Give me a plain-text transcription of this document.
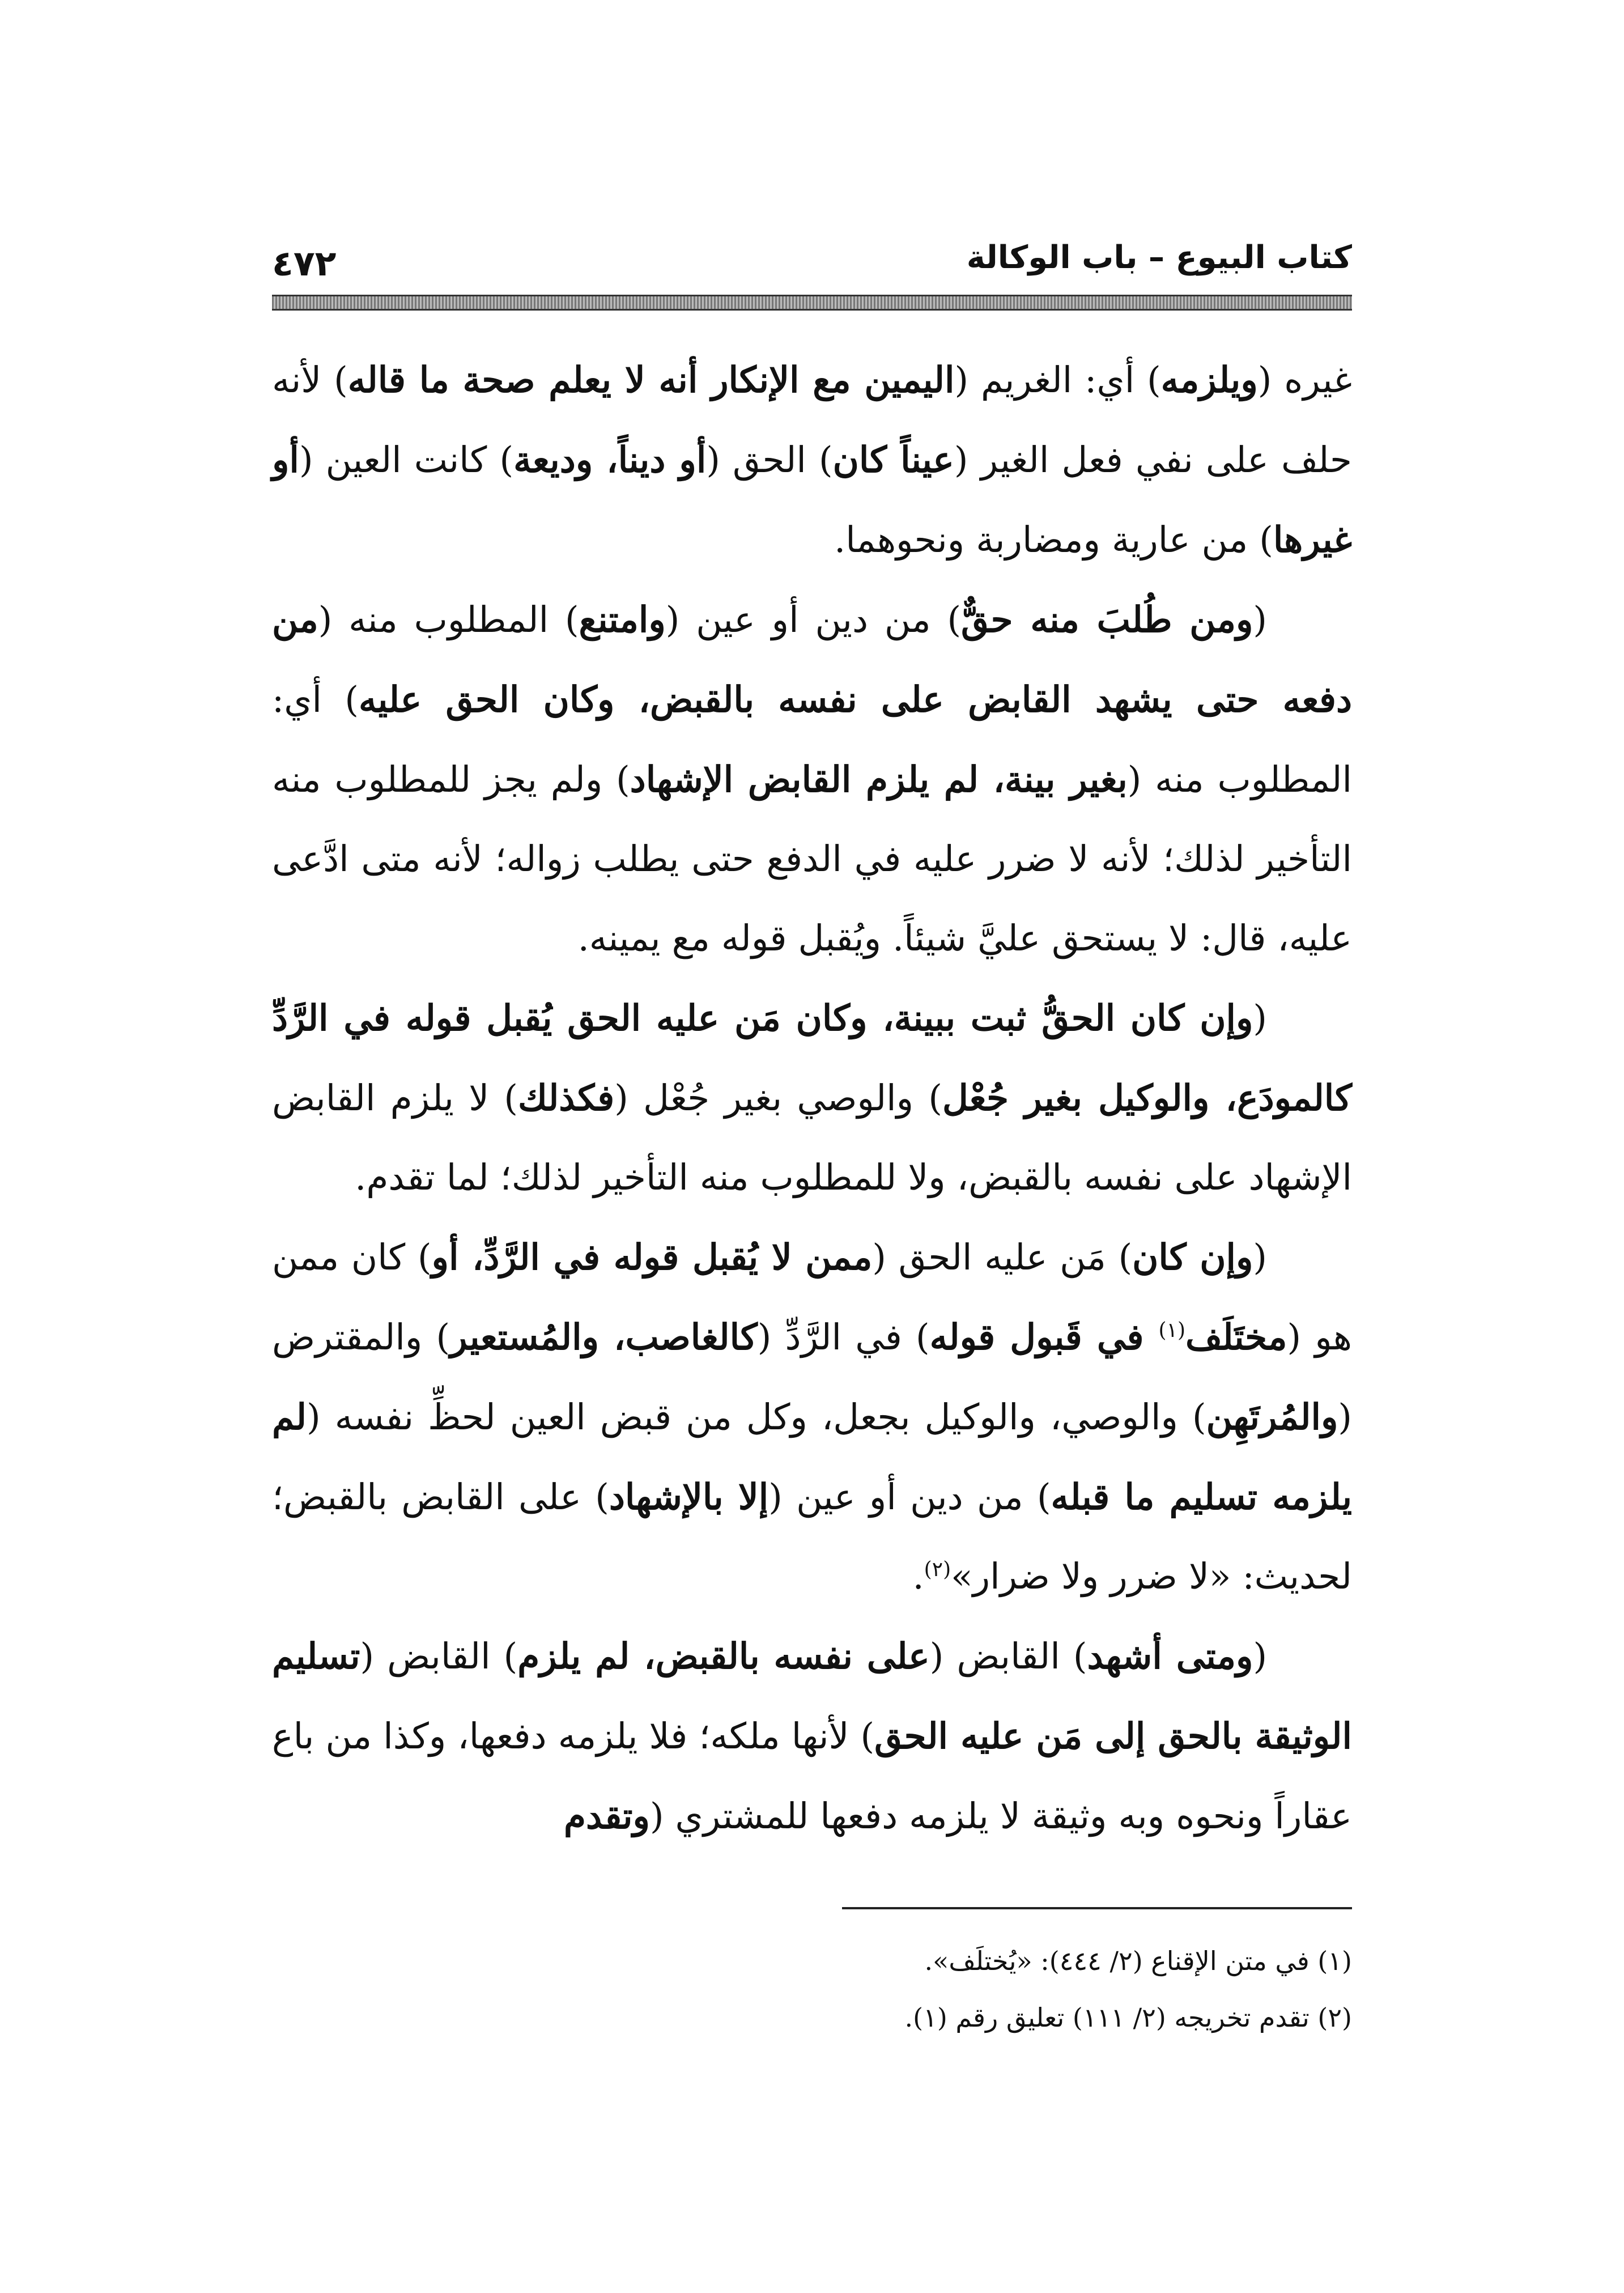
كتاب البيوع – باب الوكالة
٤٧٢

غيره (ويلزمه) أي: الغريم (اليمين مع الإنكار أنه لا يعلم صحة ما قاله) لأنه حلف على نفي فعل الغير (عيناً كان) الحق (أو ديناً، وديعة) كانت العين (أو غيرها) من عارية ومضاربة ونحوهما.

(ومن طُلبَ منه حقٌّ) من دين أو عين (وامتنع) المطلوب منه (من دفعه حتى يشهد القابض على نفسه بالقبض، وكان الحق عليه) أي: المطلوب منه (بغير بينة، لم يلزم القابض الإشهاد) ولم يجز للمطلوب منه التأخير لذلك؛ لأنه لا ضرر عليه في الدفع حتى يطلب زواله؛ لأنه متى ادَّعى عليه، قال: لا يستحق عليَّ شيئاً. ويُقبل قوله مع يمينه.

(وإن كان الحقُّ ثبت ببينة، وكان مَن عليه الحق يُقبل قوله في الرَّدِّ كالمودَع، والوكيل بغير جُعْل) والوصي بغير جُعْل (فكذلك) لا يلزم القابض الإشهاد على نفسه بالقبض، ولا للمطلوب منه التأخير لذلك؛ لما تقدم.

(وإن كان) مَن عليه الحق (ممن لا يُقبل قوله في الرَّدِّ، أو) كان ممن هو (مختَلَف$^{(١)}$ في قَبول قوله) في الرَّدِّ (كالغاصب، والمُستعير) والمقترض (والمُرتَهِن) والوصي، والوكيل بجعل، وكل من قبض العين لحظِّ نفسه (لم يلزمه تسليم ما قبله) من دين أو عين (إلا بالإشهاد) على القابض بالقبض؛ لحديث: «لا ضرر ولا ضرار»$^{(٢)}$.

(ومتى أشهد) القابض (على نفسه بالقبض، لم يلزم) القابض (تسليم الوثيقة بالحق إلى مَن عليه الحق) لأنها ملكه؛ فلا يلزمه دفعها، وكذا من باع عقاراً ونحوه وبه وثيقة لا يلزمه دفعها للمشتري (وتقدم

(١) في متن الإقناع (٢/ ٤٤٤): «يُختلَف».

(٢) تقدم تخريجه (٢/ ١١١) تعليق رقم (١).
